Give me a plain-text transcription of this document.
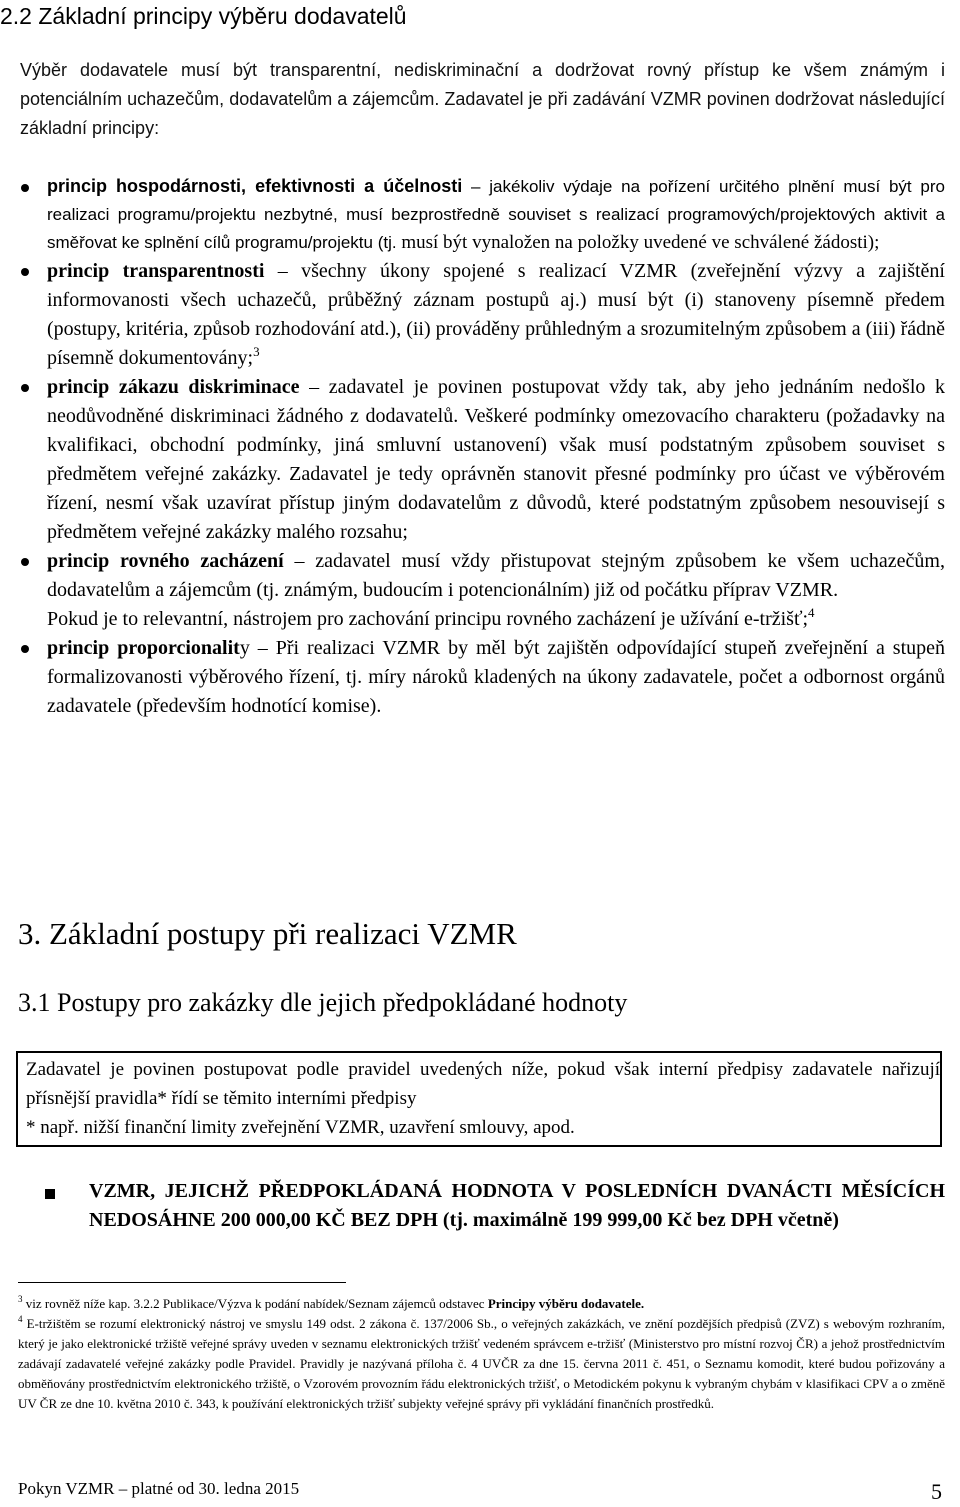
2.2 Základní principy výběru dodavatelů

Výběr dodavatele musí být transparentní, nediskriminační a dodržovat rovný přístup ke všem známým i potenciálním uchazečům, dodavatelům a zájemcům. Zadavatel je při zadávání VZMR povinen dodržovat následující základní principy:

princip hospodárnosti, efektivnosti a účelnosti – jakékoliv výdaje na pořízení určitého plnění musí být pro realizaci programu/projektu nezbytné, musí bezprostředně souviset s realizací programových/projektových aktivit a směřovat ke splnění cílů programu/projektu (tj. musí být vynaložen na položky uvedené ve schválené žádosti);
princip transparentnosti – všechny úkony spojené s realizací VZMR (zveřejnění výzvy a zajištění informovanosti všech uchazečů, průběžný záznam postupů aj.) musí být (i) stanoveny písemně předem (postupy, kritéria, způsob rozhodování atd.), (ii) prováděny průhledným a srozumitelným způsobem a (iii) řádně písemně dokumentovány;$^3$
princip zákazu diskriminace – zadavatel je povinen postupovat vždy tak, aby jeho jednáním nedošlo k neodůvodněné diskriminaci žádného z dodavatelů. Veškeré podmínky omezovacího charakteru (požadavky na kvalifikaci, obchodní podmínky, jiná smluvní ustanovení) však musí podstatným způsobem souviset s předmětem veřejné zakázky. Zadavatel je tedy oprávněn stanovit přesné podmínky pro účast ve výběrovém řízení, nesmí však uzavírat přístup jiným dodavatelům z důvodů, které podstatným způsobem nesouvisejí s předmětem veřejné zakázky malého rozsahu;
princip rovného zacházení – zadavatel musí vždy přistupovat stejným způsobem ke všem uchazečům, dodavatelům a zájemcům (tj. známým, budoucím i potencionálním) již od počátku příprav VZMR.
Pokud je to relevantní, nástrojem pro zachování principu rovného zacházení je užívání e-tržišť;$^4$
princip proporcionality – Při realizaci VZMR by měl být zajištěn odpovídající stupeň zveřejnění a stupeň formalizovanosti výběrového řízení, tj. míry nároků kladených na úkony zadavatele, počet a odbornost orgánů zadavatele (především hodnotící komise).
3. Základní postupy při realizaci VZMR
3.1 Postupy pro zakázky dle jejich předpokládané hodnoty

Zadavatel je povinen postupovat podle pravidel uvedených níže, pokud však interní předpisy zadavatele nařizují přísnější pravidla* řídí se těmito interními předpisy

* např. nižší finanční limity zveřejnění VZMR, uzavření smlouvy, apod.

VZMR, JEJICHŽ PŘEDPOKLÁDANÁ HODNOTA V POSLEDNÍCH DVANÁCTI MĚSÍCÍCH NEDOSÁHNE 200 000,00 KČ BEZ DPH (tj. maximálně 199 999,00 Kč bez DPH včetně)

$^3$ viz rovněž níže kap. 3.2.2 Publikace/Výzva k podání nabídek/Seznam zájemců odstavec Principy výběru dodavatele.

$^4$ E-tržištěm se rozumí elektronický nástroj ve smyslu 149 odst. 2 zákona č. 137/2006 Sb., o veřejných zakázkách, ve znění pozdějších předpisů (ZVZ) s webovým rozhraním, který je jako elektronické tržiště veřejné správy uveden v seznamu elektronických tržišť vedeném správcem e-tržišť (Ministerstvo pro místní rozvoj ČR) a jehož prostřednictvím zadávají zadavatelé veřejné zakázky podle Pravidel. Pravidly je nazývaná příloha č. 4 UVČR za dne 15. června 2011 č. 451, o Seznamu komodit, které budou pořizovány a obměňovány prostřednictvím elektronického tržiště, o Vzorovém provozním řádu elektronických tržišť, o Metodickém pokynu k vybraným chybám v klasifikaci CPV a o změně UV ČR ze dne 10. května 2010 č. 343, k používání elektronických tržišť subjekty veřejné správy při vykládání finančních prostředků.

Pokyn VZMR – platné od 30. ledna 2015	5
